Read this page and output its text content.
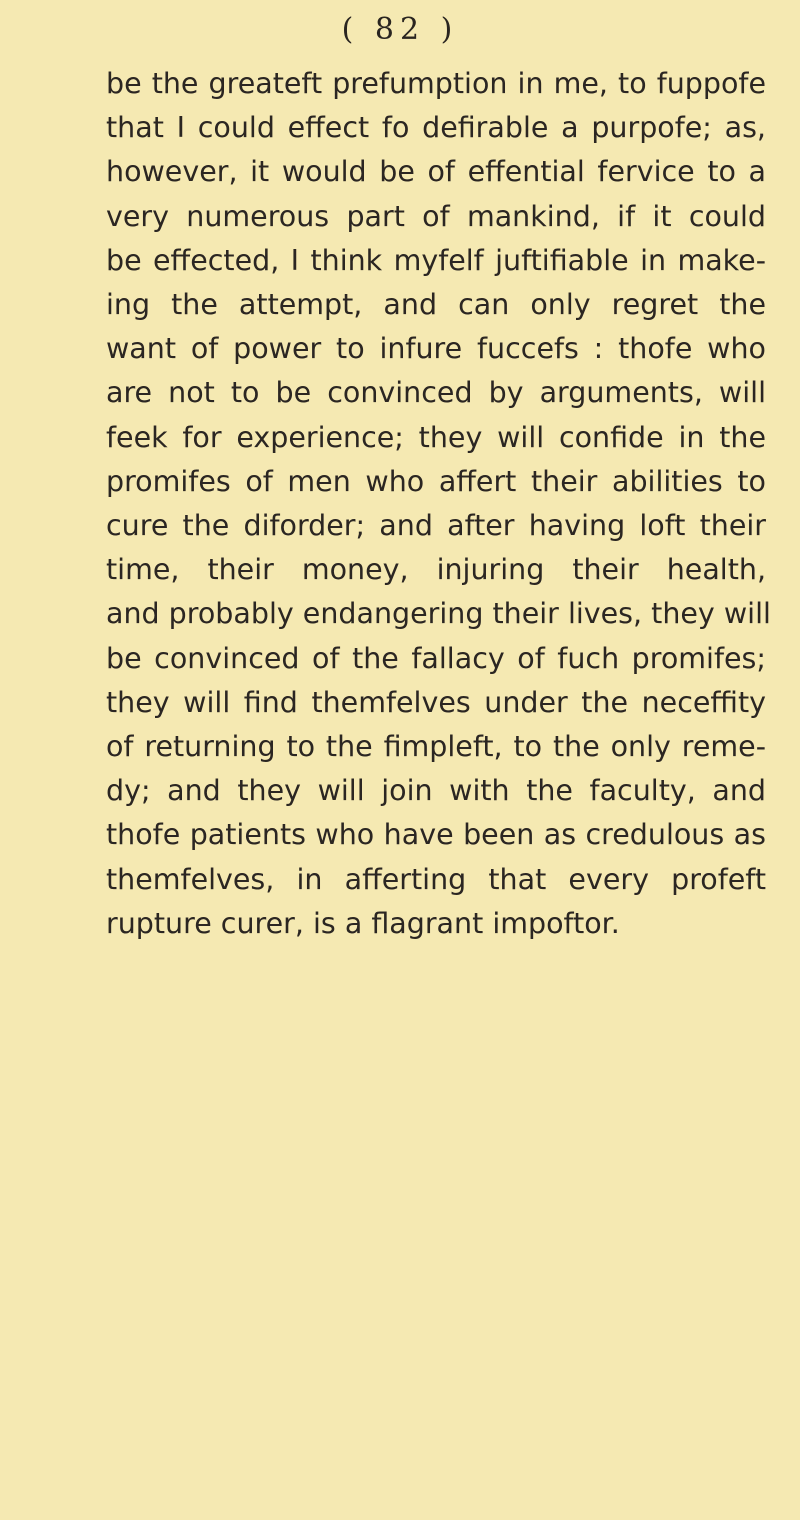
( 82 )
be the greateft prefumption in me, to fuppofe
that I could effect fo defirable a purpofe; as,
however, it would be of effential fervice to a
very numerous part of mankind, if it could
be effected, I think myfelf juftifiable in make-
ing the attempt, and can only regret the
want of power to infure fuccefs : thofe who
are not to be convinced by arguments, will
feek for experience; they will confide in the
promifes of men who affert their abilities to
cure the diforder; and after having loft their
time, their money, injuring their health,
and probably endangering their lives, they will
be convinced of the fallacy of fuch promifes;
they will find themfelves under the neceffity
of returning to the fimpleft, to the only reme-
dy; and they will join with the faculty, and
thofe patients who have been as credulous as
themfelves, in afferting that every profeft
rupture curer, is a flagrant impoftor.
